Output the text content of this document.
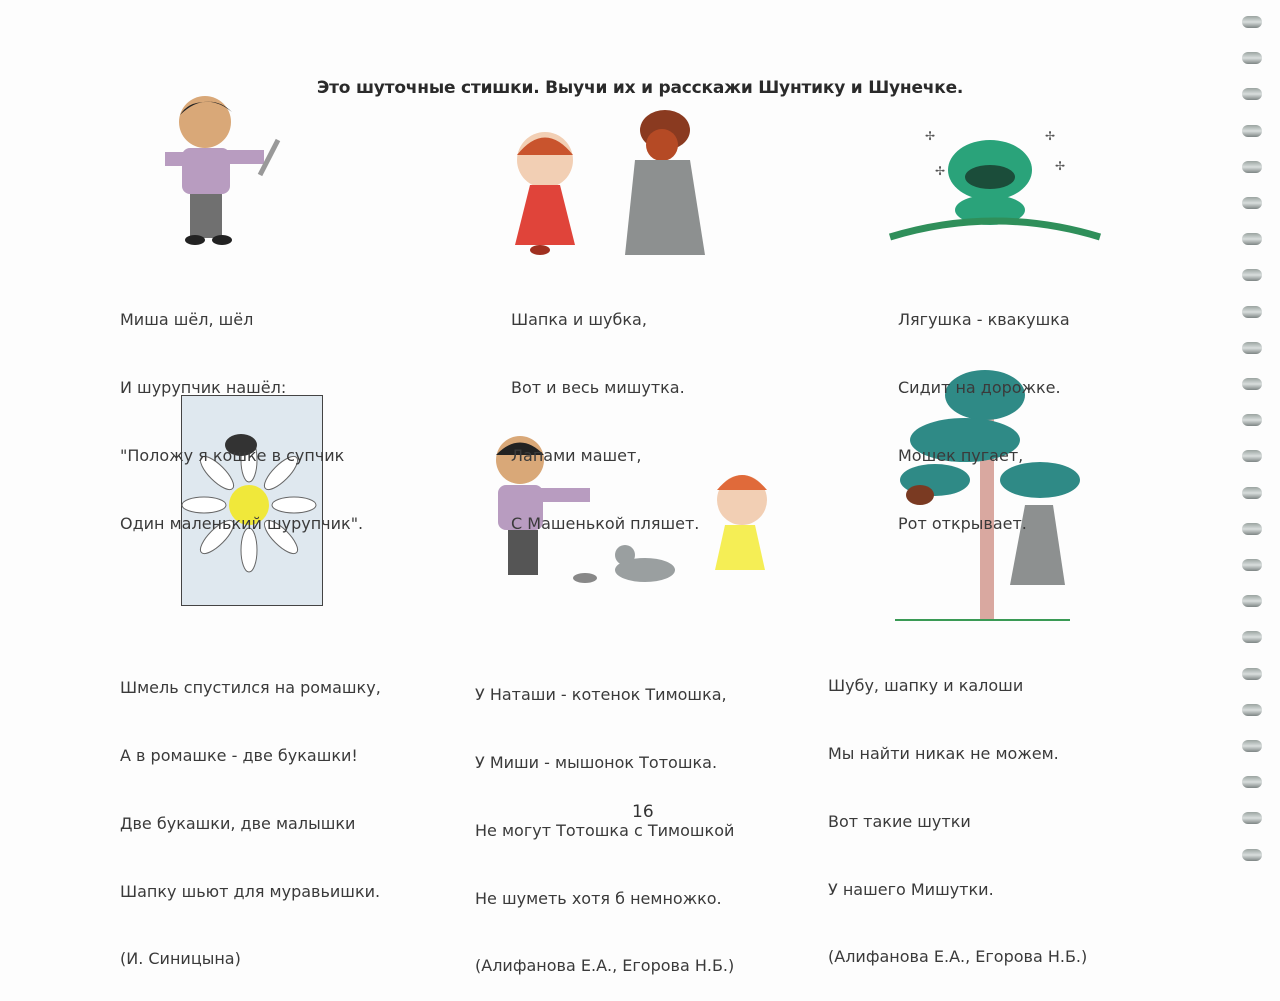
Это шуточные стишки. Выучи их и расскажи Шунтику и Шунечке.
✢	✢
✢	✢

Миша шёл, шёл

И шурупчик нашёл:

"Положу я кошке в супчик

Один маленький шурупчик".

Шапка и шубка,

Вот и весь мишутка.

Лапами машет,

С Машенькой пляшет.

Лягушка - квакушка

Сидит на дорожке.

Мошек пугает,

Рот открывает.

Шмель спустился на ромашку,

А в ромашке - две букашки!

Две букашки, две малышки

Шапку шьют для муравьишки.

(И. Синицына)

У Наташи - котенок Тимошка,

У Миши - мышонок Тотошка.

Не могут Тотошка с Тимошкой

Не шуметь хотя б немножко.

(Алифанова Е.А., Егорова Н.Б.)

Шубу, шапку и калоши

Мы найти никак не можем.

Вот такие шутки

У нашего Мишутки.

(Алифанова Е.А., Егорова Н.Б.)

16
